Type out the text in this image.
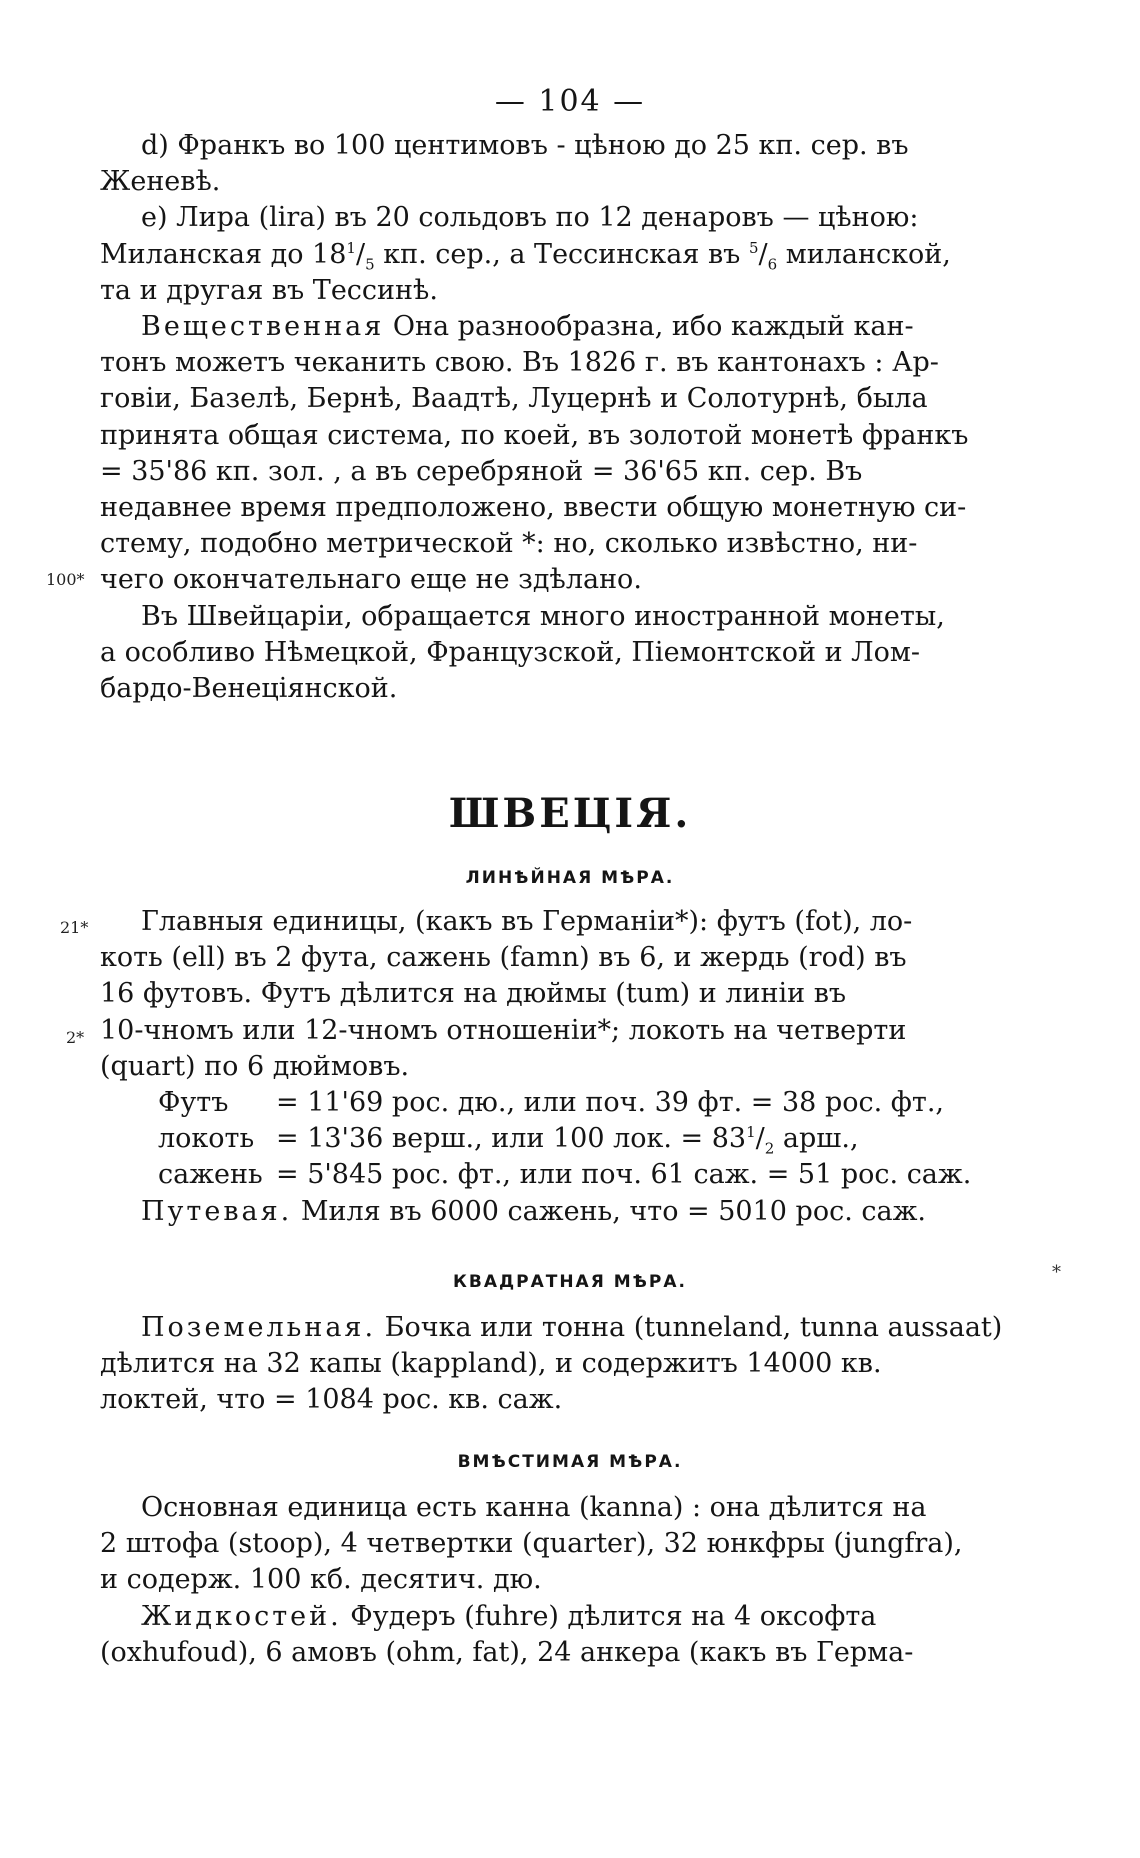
— 104 —

d) Франкъ во 100 центимовъ - цѣною до 25 кп. сер. въ
Женевѣ.

e) Лира (lira) въ 20 сольдовъ по 12 денаровъ — цѣною:
Миланская до $18^1/_5$ кп. сер., а Тессинская въ $^5/_6$ миланской,
та и другая въ Тессинѣ.

Вещественная Она разнообразна, ибо каждый кан-
тонъ можетъ чеканить свою. Въ 1826 г. въ кантонахъ : Ар-
говіи, Базелѣ, Бернѣ, Ваадтѣ, Луцернѣ и Солотурнѣ, была
принята общая система, по коей, въ золотой монетѣ франкъ
= 35'86 кп. зол. , а въ серебряной = 36'65 кп. сер. Въ
недавнее время предположено, ввести общую монетную си-
стему, подобно метрической *: но, сколько извѣстно, ни-
чего окончательнаго еще не здѣлано.

Въ Швейцаріи, обращается много иностранной монеты,
а особливо Нѣмецкой, Французской, Піемонтской и Лом-
бардо-Венеціянской.

100*
ШВЕЦІЯ.
ЛИНѢЙНАЯ МѢРА.
21*
2*

Главныя единицы, (какъ въ Германіи*): футъ (fot), ло-
коть (ell) въ 2 фута, сажень (famn) въ 6, и жердь (rod) въ
16 футовъ. Футъ дѣлится на дюймы (tum) и линіи въ
10-чномъ или 12-чномъ отношеніи*; локоть на четверти
(quart) по 6 дюймовъ.

Футъ = 11'69 рос. дю., или поч. 39 фт. = 38 рос. фт.,
локоть = 13'36 верш., или 100 лок. = $83^1/_2$ арш.,
сажень = 5'845 рос. фт., или поч. 61 саж. = 51 рос. саж.

Путевая. Миля въ 6000 сажень, что = 5010 рос. саж.

КВАДРАТНАЯ МѢРА.	*

Поземельная. Бочка или тонна (tunneland, tunna aussaat)
дѣлится на 32 капы (kappland), и содержитъ 14000 кв.
локтей, что = 1084 рос. кв. саж.

ВМѢСТИМАЯ МѢРА.

Основная единица есть канна (kanna) : она дѣлится на
2 штофа (stoop), 4 четвертки (quarter), 32 юнкфры (jungfra),
и содерж. 100 кб. десятич. дю.

Жидкостей. Фудеръ (fuhre) дѣлится на 4 оксофта
(oxhufoud), 6 амовъ (ohm, fat), 24 анкера (какъ въ Герма-
